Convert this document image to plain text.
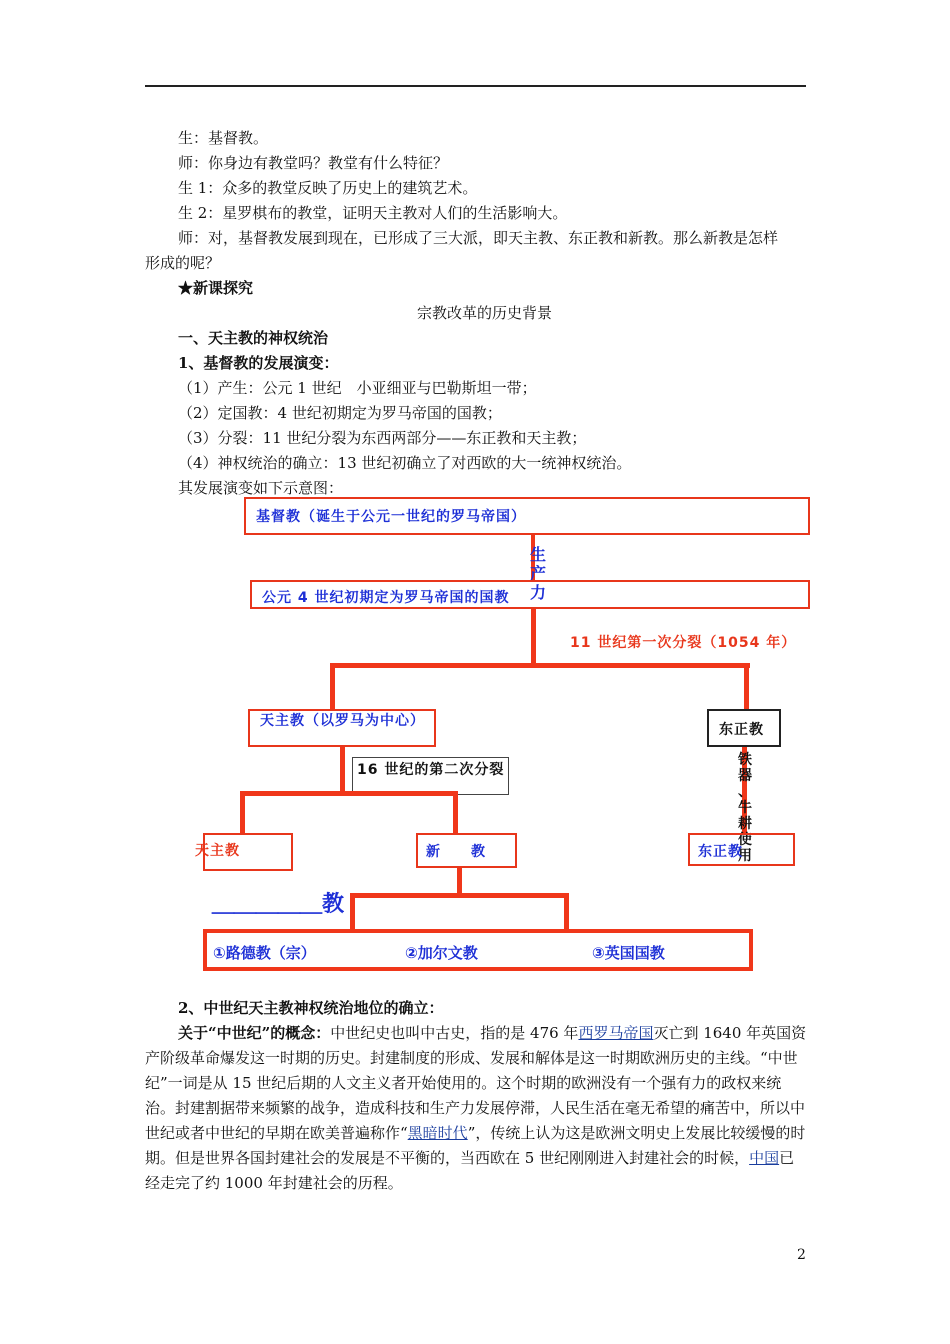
生：基督教。
师：你身边有教堂吗？教堂有什么特征？
生 1：众多的教堂反映了历史上的建筑艺术。
生 2：星罗棋布的教堂，证明天主教对人们的生活影响大。
师：对，基督教发展到现在，已形成了三大派，即天主教、东正教和新教。那么新教是怎样
形成的呢？
★新课探究
宗教改革的历史背景
一、天主教的神权统治
1、基督教的发展演变：
（1）产生：公元 1 世纪　小亚细亚与巴勒斯坦一带；
（2）定国教：4 世纪初期定为罗马帝国的国教；
（3）分裂：11 世纪分裂为东西两部分——东正教和天主教；
（4）神权统治的确立：13 世纪初确立了对西欧的大一统神权统治。
其发展演变如下示意图：
基督教（诞生于公元一世纪的罗马帝国）
生
产
力
公元 4 世纪初期定为罗马帝国的国教
11 世纪第一次分裂（1054 年）
天主教（以罗马为中心）
东正教
16 世纪的第二次分裂
铁
器
、
牛
耕
使
用
天主教	新　　教	东正教
＿＿＿＿＿教
①路德教（宗）	②加尔文教	③英国国教
2、中世纪天主教神权统治地位的确立：
关于“中世纪”的概念：中世纪史也叫中古史，指的是 476 年西罗马帝国灭亡到 1640 年英国资产阶级革命爆发这一时期的历史。封建制度的形成、发展和解体是这一时期欧洲历史的主线。“中世纪”一词是从 15 世纪后期的人文主义者开始使用的。这个时期的欧洲没有一个强有力的政权来统治。封建割据带来频繁的战争，造成科技和生产力发展停滞，人民生活在毫无希望的痛苦中，所以中世纪或者中世纪的早期在欧美普遍称作“黑暗时代”，传统上认为这是欧洲文明史上发展比较缓慢的时期。但是世界各国封建社会的发展是不平衡的，当西欧在 5 世纪刚刚进入封建社会的时候，中国已经走完了约 1000 年封建社会的历程。
2
